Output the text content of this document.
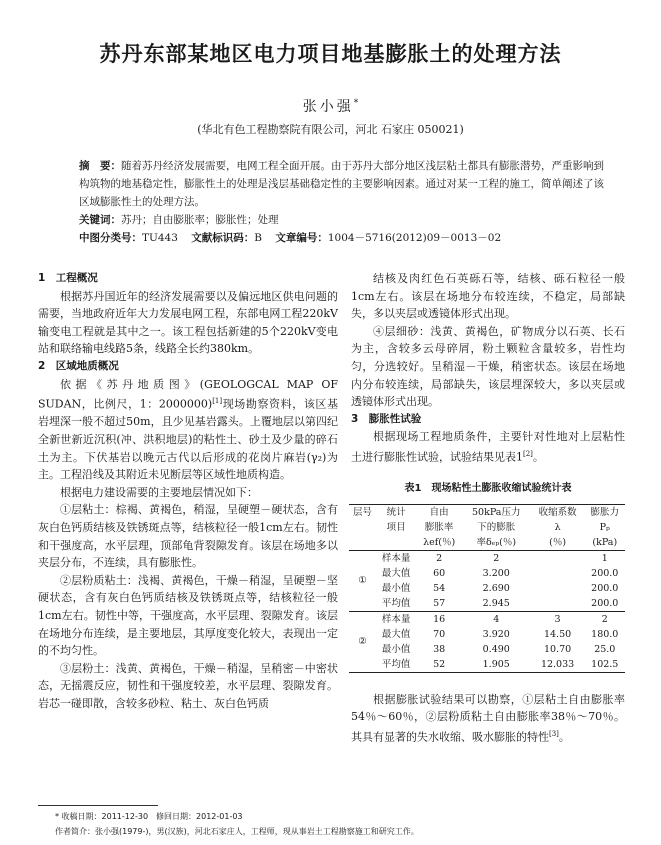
苏丹东部某地区电力项目地基膨胀土的处理方法
张小强*
(华北有色工程勘察院有限公司，河北 石家庄 050021)
摘　要：随着苏丹经济发展需要，电网工程全面开展。由于苏丹大部分地区浅层粘土都具有膨胀潜势，严重影响到构筑物的地基稳定性，膨胀性土的处理是浅层基础稳定性的主要影响因素。通过对某一工程的施工，简单阐述了该区域膨胀性土的处理方法。
关键词：苏丹；自由膨胀率；膨胀性；处理
中图分类号：TU443 文献标识码：B 文章编号：1004－5716(2012)09－0013－02

1　工程概况

根据苏丹国近年的经济发展需要以及偏远地区供电问题的需要，当地政府近年大力发展电网工程，东部电网工程220kV输变电工程就是其中之一。该工程包括新建的5个220kV变电站和联络输电线路5条，线路全长约380km。

2　区域地质概况

依据《苏丹地质图》(GEOLOGCAL MAP OF SUDAN，比例尺，1：2000000)[1]现场勘察资料，该区基岩埋深一般不超过50m，且少见基岩露头。上覆地层以第四纪全新世新近沉积(冲、洪积地层)的粘性土、砂土及少量的碎石土为主。下伏基岩以晚元古代以后形成的花岗片麻岩(γ₂)为主。工程沿线及其附近未见断层等区域性地质构造。

根据电力建设需要的主要地层情况如下：

①层粘土：棕褐、黄褐色，稍湿，呈硬塑－硬状态，含有灰白色钙质结核及铁锈斑点等，结核粒径一般1cm左右。韧性和干强度高，水平层理，顶部龟背裂隙发育。该层在场地多以夹层分布，不连续，具有膨胀性。

②层粉质粘土：浅褐、黄褐色，干燥－稍湿，呈硬塑－坚硬状态，含有灰白色钙质结核及铁锈斑点等，结核粒径一般1cm左右。韧性中等，干强度高，水平层理、裂隙发育。该层在场地分布连续，是主要地层，其厚度变化较大，表现出一定的不均匀性。

③层粉土：浅黄、黄褐色，干燥－稍湿，呈稍密－中密状态，无摇震反应，韧性和干强度较差，水平层理、裂隙发育。岩芯一碰即散，含较多砂粒、粘土、灰白色钙质

结核及肉红色石英砾石等，结核、砾石粒径一般1cm左右。该层在场地分布较连续，不稳定，局部缺失，多以夹层或透镜体形式出现。

④层细砂：浅黄、黄褐色，矿物成分以石英、长石为主，含较多云母碎屑，粉土颗粒含量较多，岩性均匀，分选较好。呈稍湿－干燥，稍密状态。该层在场地内分布较连续，局部缺失，该层埋深较大，多以夹层或透镜体形式出现。

3　膨胀性试验

根据现场工程地质条件，主要针对性地对上层粘性土进行膨胀性试验，试验结果见表1[2]。

表1　现场粘性土膨胀收缩试验统计表
层号	统计	自由	50kPa压力	收缩系数	膨胀力
	项目	膨胀率	下的膨胀	λ	Pₚ
		λef(％)	率δₑₚ(％)	(％)	(kPa)
①	样本量	2	2		1
	最大值	60	3.200		200.0
	最小值	54	2.690		200.0
	平均值	57	2.945		200.0
②	样本量	16	4	3	2
	最大值	70	3.920	14.50	180.0
	最小值	38	0.490	10.70	25.0
	平均值	52	1.905	12.033	102.5

根据膨胀试验结果可以勘察，①层粘土自由膨胀率54％～60％，②层粉质粘土自由膨胀率38％～70％。其具有显著的失水收缩、吸水膨胀的特性[3]。

* 收稿日期：2011-12-30　修回日期：2012-01-03
作者简介：张小强(1979-)，男(汉族)，河北石家庄人，工程师，现从事岩土工程勘察施工和研究工作。
